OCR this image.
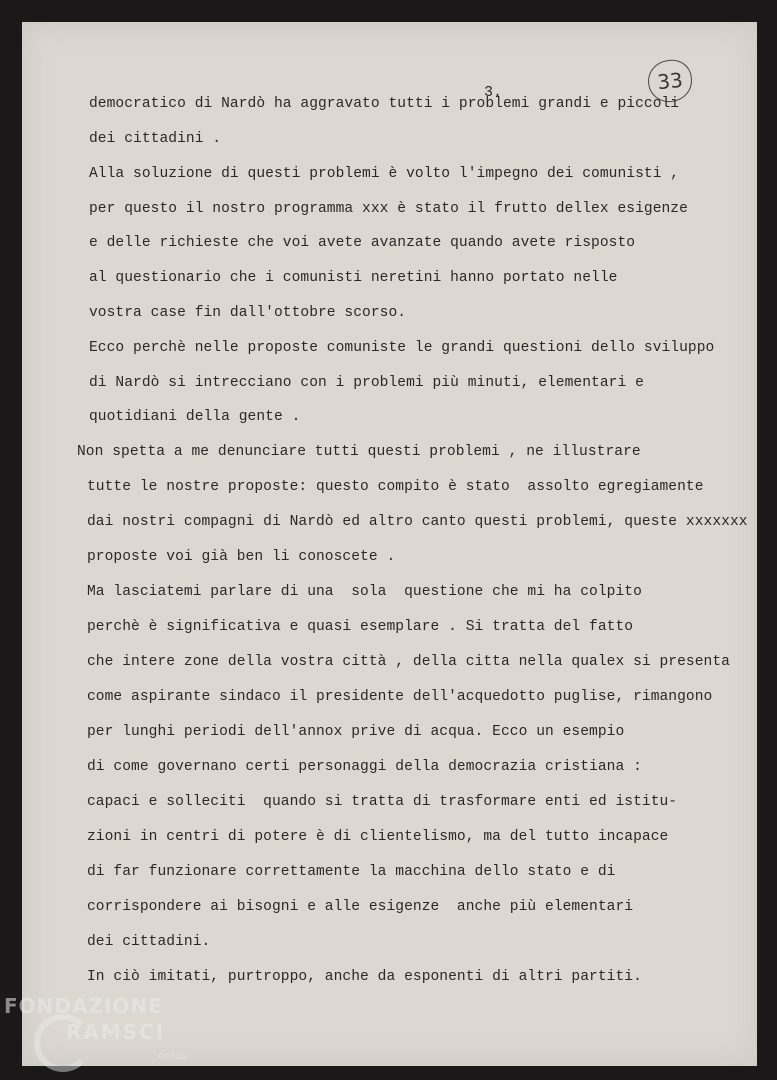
3.	33
democratico di Nardò ha aggravato tutti i problemi grandi e piccoli
dei cittadini .
Alla soluzione di questi problemi è volto l'impegno dei comunisti ,
per questo il nostro programma xxx è stato il frutto dellex esigenze
e delle richieste che voi avete avanzate quando avete risposto
al questionario che i comunisti neretini hanno portato nelle
vostra case fin dall'ottobre scorso.
Ecco perchè nelle proposte comuniste le grandi questioni dello sviluppo
di Nardò si intrecciano con i problemi più minuti, elementari e
quotidiani della gente .
Non spetta a me denunciare tutti questi problemi , ne illustrare
tutte le nostre proposte: questo compito è stato  assolto egregiamente
dai nostri compagni di Nardò ed altro canto questi problemi, queste xxxxxxx
proposte voi già ben li conoscete .
Ma lasciatemi parlare di una  sola  questione che mi ha colpito
perchè è significativa e quasi esemplare . Si tratta del fatto
che intere zone della vostra città , della citta nella qualex si presenta
come aspirante sindaco il presidente dell'acquedotto puglise, rimangono
per lunghi periodi dell'annox prive di acqua. Ecco un esempio
di come governano certi personaggi della democrazia cristiana :
capaci e solleciti  quando si tratta di trasformare enti ed istitu-
zioni in centri di potere è di clientelismo, ma del tutto incapace
di far funzionare correttamente la macchina dello stato e di
corrispondere ai bisogni e alle esigenze  anche più elementari
dei cittadini.
In ciò imitati, purtroppo, anche da esponenti di altri partiti.
FONDAZIONE
RAMSCI
onlus
